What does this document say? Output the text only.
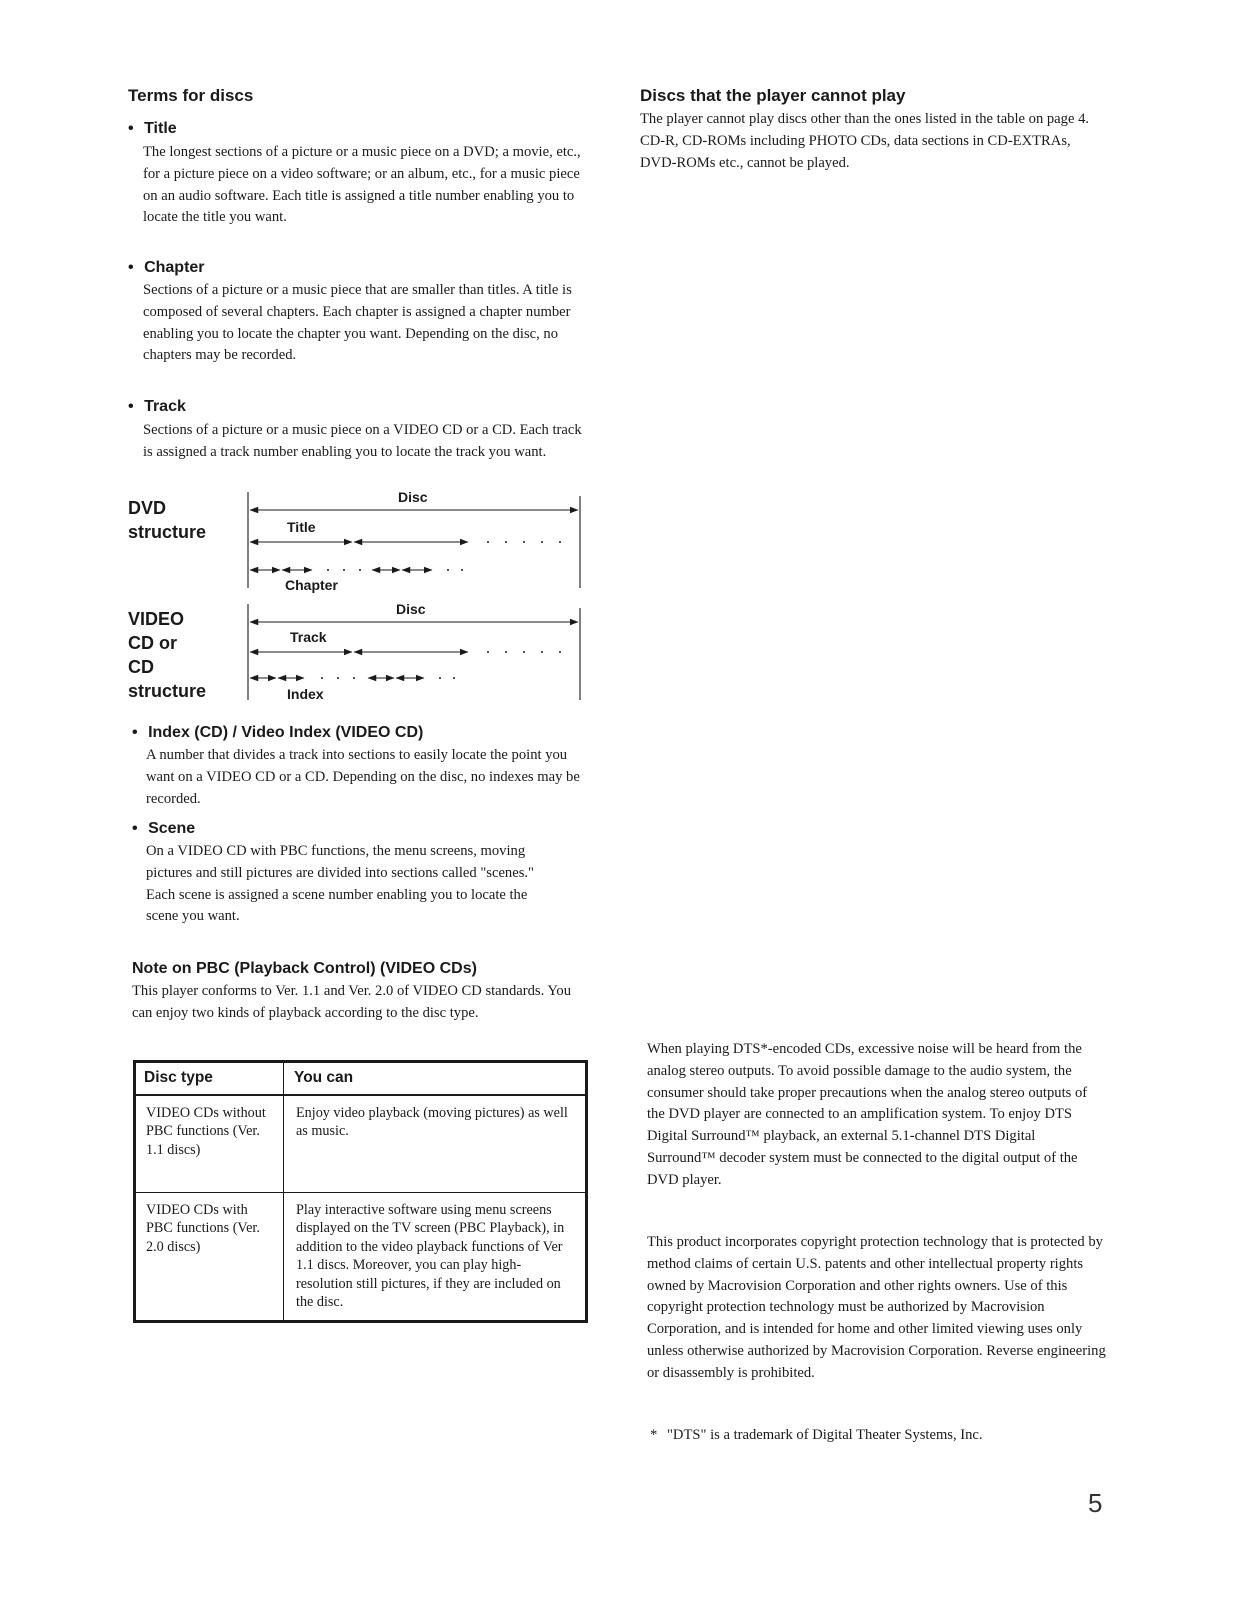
Terms for discs
• Title
The longest sections of a picture or a music piece on a DVD; a movie, etc., for a picture piece on a video software; or an album, etc., for a music piece on an audio software. Each title is assigned a title number enabling you to locate the title you want.
• Chapter
Sections of a picture or a music piece that are smaller than titles. A title is composed of several chapters. Each chapter is assigned a chapter number enabling you to locate the chapter you want. Depending on the disc, no chapters may be recorded.
• Track
Sections of a picture or a music piece on a VIDEO CD or a CD. Each track is assigned a track number enabling you to locate the track you want.
DVD
structure
VIDEO
CD or
CD
structure
Disc
Title
Chapter
Disc
Track
Index
• Index (CD) / Video Index (VIDEO CD)
A number that divides a track into sections to easily locate the point you want on a VIDEO CD or a CD. Depending on the disc, no indexes may be recorded.
• Scene
On a VIDEO CD with PBC functions, the menu screens, moving pictures and still pictures are divided into sections called "scenes." Each scene is assigned a scene number enabling you to locate the scene you want.
Note on PBC (Playback Control) (VIDEO CDs)
This player conforms to Ver. 1.1 and Ver. 2.0 of VIDEO CD standards. You can enjoy two kinds of playback according to the disc type.
Disc type	You can
VIDEO CDs without PBC functions (Ver. 1.1 discs)	Enjoy video playback (moving pictures) as well as music.
VIDEO CDs with PBC functions (Ver. 2.0 discs)	Play interactive software using menu screens displayed on the TV screen (PBC Playback), in addition to the video playback functions of Ver 1.1 discs. Moreover, you can play high-resolution still pictures, if they are included on the disc.
Discs that the player cannot play
The player cannot play discs other than the ones listed in the table on page 4. CD-R, CD-ROMs including PHOTO CDs, data sections in CD-EXTRAs, DVD-ROMs etc., cannot be played.
When playing DTS*-encoded CDs, excessive noise will be heard from the analog stereo outputs. To avoid possible damage to the audio system, the consumer should take proper precautions when the analog stereo outputs of the DVD player are connected to an amplification system. To enjoy DTS Digital Surround™ playback, an external 5.1-channel DTS Digital Surround™ decoder system must be connected to the digital output of the DVD player.
This product incorporates copyright protection technology that is protected by method claims of certain U.S. patents and other intellectual property rights owned by Macrovision Corporation and other rights owners. Use of this copyright protection technology must be authorized by Macrovision Corporation, and is intended for home and other limited viewing uses only unless otherwise authorized by Macrovision Corporation. Reverse engineering or disassembly is prohibited.
* "DTS" is a trademark of Digital Theater Systems, Inc.
5
